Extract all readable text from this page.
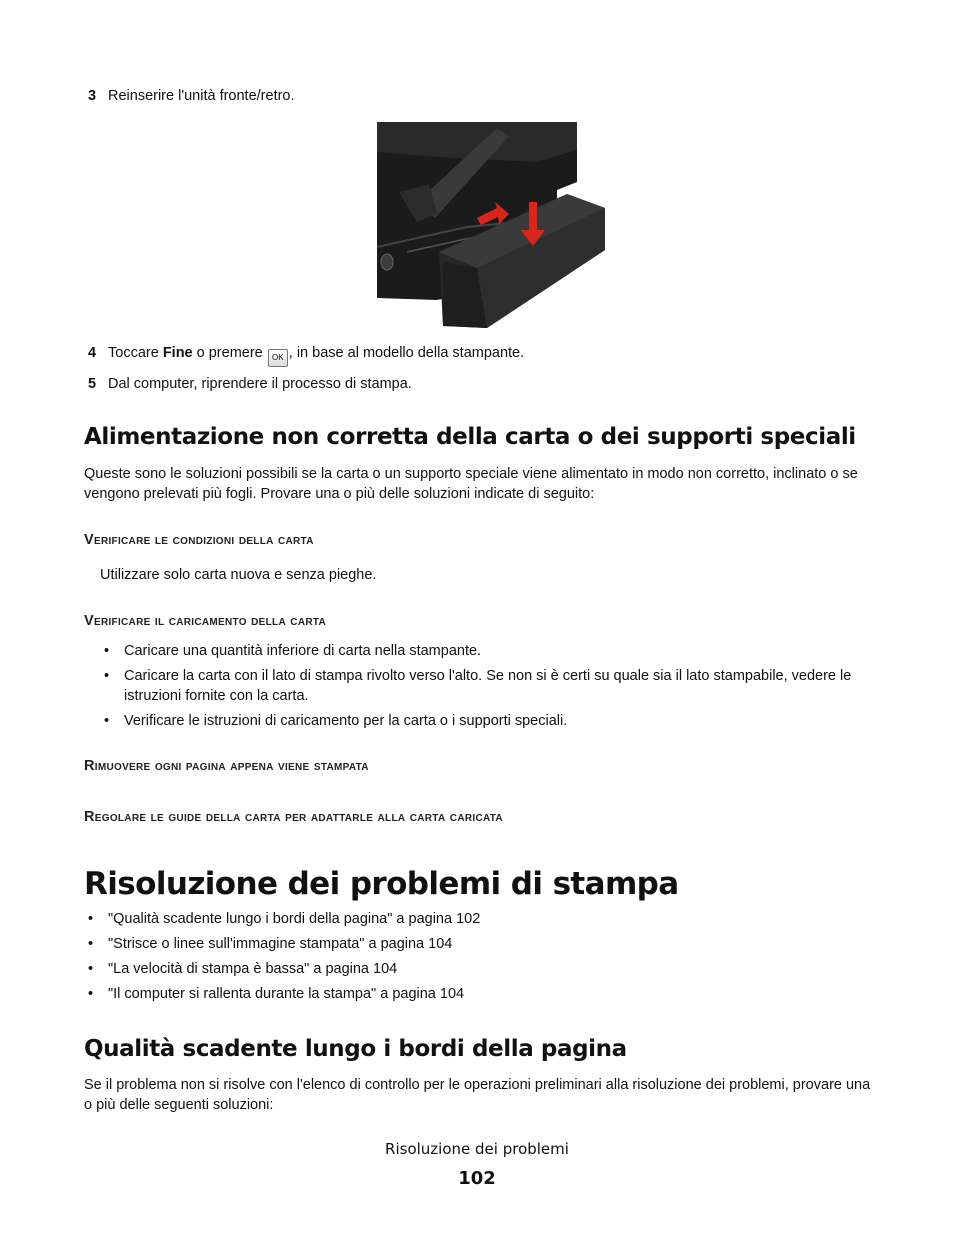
3 Reinserire l'unità fronte/retro.
4 Toccare Fine o premere OK , in base al modello della stampante.
5 Dal computer, riprendere il processo di stampa.
Alimentazione non corretta della carta o dei supporti speciali
Queste sono le soluzioni possibili se la carta o un supporto speciale viene alimentato in modo non corretto, inclinato o se vengono prelevati più fogli. Provare una o più delle soluzioni indicate di seguito:
Verificare le condizioni della carta
Utilizzare solo carta nuova e senza pieghe.
Verificare il caricamento della carta
• Caricare una quantità inferiore di carta nella stampante.
• Caricare la carta con il lato di stampa rivolto verso l'alto. Se non si è certi su quale sia il lato stampabile, vedere le istruzioni fornite con la carta.
• Verificare le istruzioni di caricamento per la carta o i supporti speciali.
Rimuovere ogni pagina appena viene stampata
Regolare le guide della carta per adattarle alla carta caricata
Risoluzione dei problemi di stampa
• "Qualità scadente lungo i bordi della pagina" a pagina 102
• "Strisce o linee sull'immagine stampata" a pagina 104
• "La velocità di stampa è bassa" a pagina 104
• "Il computer si rallenta durante la stampa" a pagina 104
Qualità scadente lungo i bordi della pagina
Se il problema non si risolve con l'elenco di controllo per le operazioni preliminari alla risoluzione dei problemi, provare una o più delle seguenti soluzioni:
Risoluzione dei problemi
102
